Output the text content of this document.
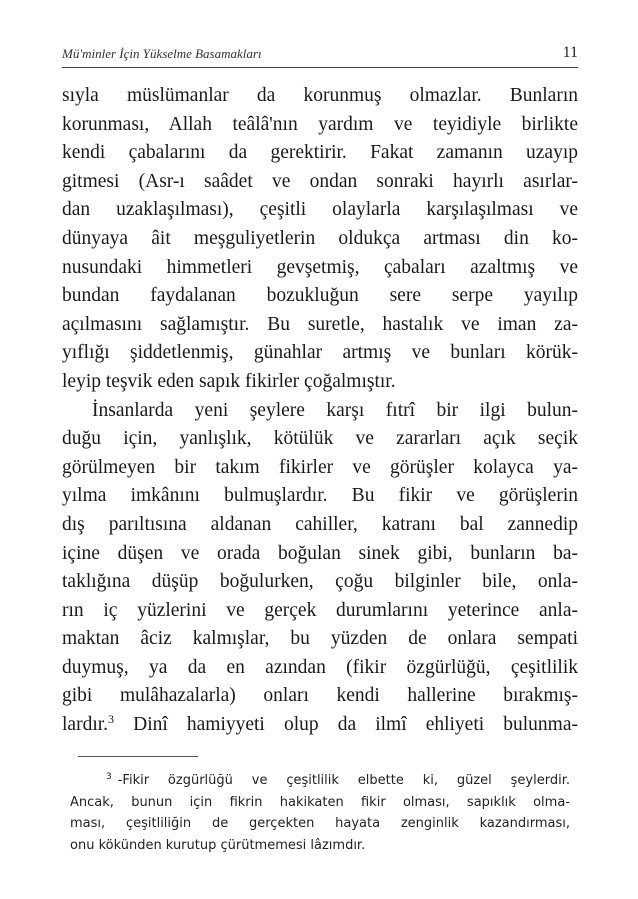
Mü'minler İçin Yükselme Basamakları	11
sıyla müslümanlar da korunmuş olmazlar. Bunların
korunması, Allah teâlâ'nın yardım ve teyidiyle birlikte
kendi çabalarını da gerektirir. Fakat zamanın uzayıp
gitmesi (Asr-ı saâdet ve ondan sonraki hayırlı asırlar-
dan uzaklaşılması), çeşitli olaylarla karşılaşılması ve
dünyaya âit meşguliyetlerin oldukça artması din ko-
nusundaki himmetleri gevşetmiş, çabaları azaltmış ve
bundan faydalanan bozukluğun sere serpe yayılıp
açılmasını sağlamıştır. Bu suretle, hastalık ve iman za-
yıflığı şiddetlenmiş, günahlar artmış ve bunları körük-
leyip teşvik eden sapık fikirler çoğalmıştır.
İnsanlarda yeni şeylere karşı fıtrî bir ilgi bulun-
duğu için, yanlışlık, kötülük ve zararları açık seçik
görülmeyen bir takım fikirler ve görüşler kolayca ya-
yılma imkânını bulmuşlardır. Bu fikir ve görüşlerin
dış parıltısına aldanan cahiller, katranı bal zannedip
içine düşen ve orada boğulan sinek gibi, bunların ba-
taklığına düşüp boğulurken, çoğu bilginler bile, onla-
rın iç yüzlerini ve gerçek durumlarını yeterince anla-
maktan âciz kalmışlar, bu yüzden de onlara sempati
duymuş, ya da en azından (fikir özgürlüğü, çeşitlilik
gibi mulâhazalarla) onları kendi hallerine bırakmış-
lardır.$^3$ Dinî hamiyyeti olup da ilmî ehliyeti bulunma-
$^3$ -Fikir özgürlüğü ve çeşitlilik elbette ki, güzel şeylerdir.
Ancak, bunun için fikrin hakikaten fikir olması, sapıklık olma-
ması, çeşitliliğin de gerçekten hayata zenginlik kazandırması,
onu kökünden kurutup çürütmemesi lâzımdır.
